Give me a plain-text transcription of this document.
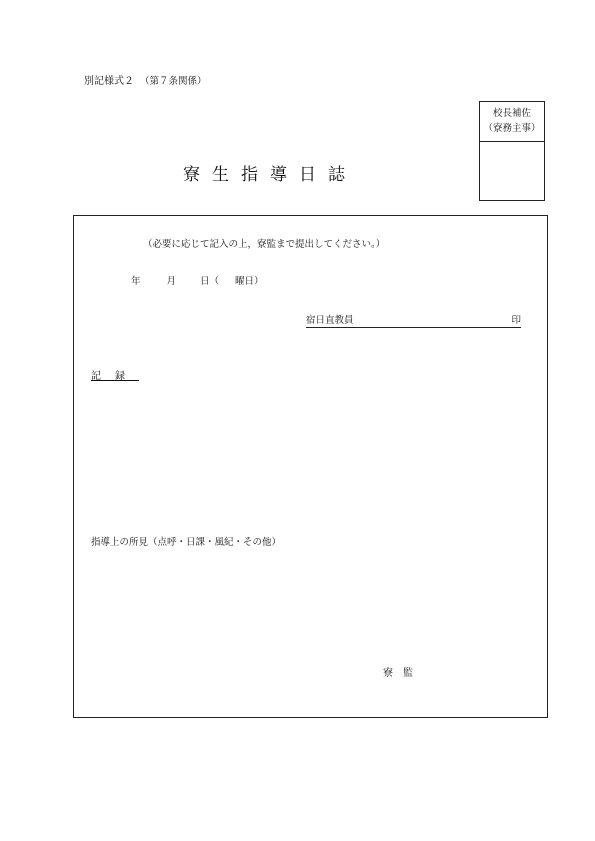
別記様式２ （第７条関係）
校長補佐
（寮務主事）
寮生指導日誌
（必要に応じて記入の上，寮監まで提出してください。）
年	月	日（ 曜日）
宿日直教員	印
記録
指導上の所見（点呼・日課・風紀・その他）
寮監
